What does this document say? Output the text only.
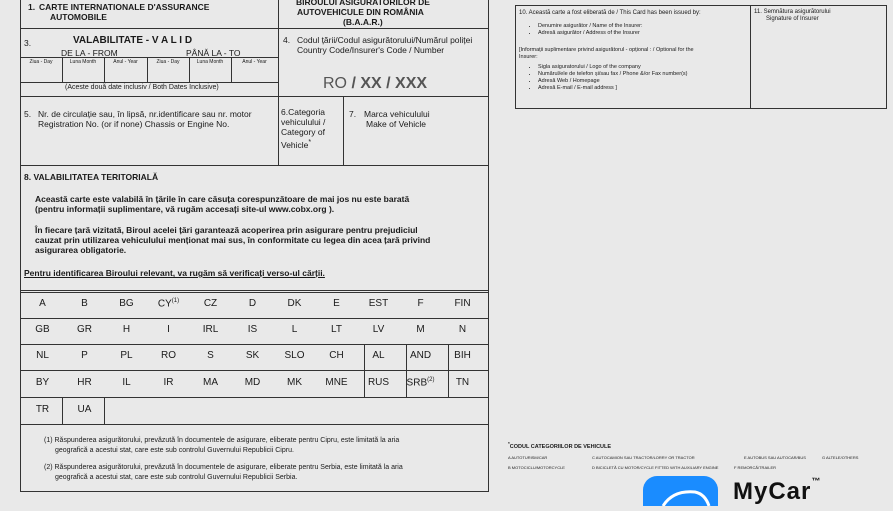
1. CARTE INTERNATIONALE D'ASSURANCE
AUTOMOBILE
BIROULUI ASIGURATORILOR DE
AUTOVEHICULE DIN ROMÂNIA
(B.A.A.R.)
3.	VALABILITATE - V A L I D
DE LA - FROM	PÂNĂ LA - TO
Ziua - Day	Luna Month	Anul - Year	Ziua - Day	Luna Month	Anul - Year
(Aceste două date inclusiv / Both Dates Inclusive)
4. Codul țării/Codul asigurătorului/Numărul poliței
Country Code/Insurer's Code / Number
RO / XX / XXX
5. Nr. de circulație sau, în lipsă, nr.identificare sau nr. motor
Registration No. (or if none) Chassis or Engine No.
6.Categoria
vehiculului /
Category of
Vehicle*
7. Marca vehiculului
Make of Vehicle
8. VALABILITATEA TERITORIALĂ
Această carte este valabilă în țările în care căsuța corespunzătoare de mai jos nu este barată
(pentru informații suplimentare, vă rugăm accesați site-ul www.cobx.org ).
În fiecare țară vizitată, Biroul acelei țări garantează acoperirea prin asigurare pentru prejudiciul
cauzat prin utilizarea vehiculului menționat mai sus, în conformitate cu legea din acea țară privind
asigurarea obligatorie.
Pentru identificarea Biroului relevant, va rugăm să verificați verso-ul cărții.
A	B	BG	CY$^{(1)}$	CZ	D	DK	E	EST	F	FIN
GB	GR	H	I	IRL	IS	L	LT	LV	M	N
NL	P	PL	RO	S	SK	SLO	CH	AL	AND	BIH
BY	HR	IL	IR	MA	MD	MK	MNE	RUS	SRB$^{(2)}$	TN
TR	UA
(1) Răspunderea asigurătorului, prevăzută în documentele de asigurare, eliberate pentru Cipru, este limitată la aria
geografică a acestui stat, care este sub controlul Guvernului Republicii Cipru.
(2) Răspunderea asigurătorului, prevăzută în documentele de asigurare, eliberate pentru Serbia, este limitată la aria
geografică a acestui stat, care este sub controlul Guvernului Republicii Serbia.
10. Această carte a fost eliberată de / This Card has been issued by:
• Denumire asigurător / Name of the Insurer:
• Adresă asigurător / Address of the Insurer
[Informații suplimentare privind asigurătorul - opțional : / Optional for the
Insurer:
• Sigla asiguratorului / Logo of the company
• Numărul/ele de telefon și/sau fax / Phone &/or Fax number(s)
• Adresă Web / Homepage
• Adresă E-mail / E-mail address ]
11. Semnătura asigurătorului
Signature of Insurer
*CODUL CATEGORIILOR DE VEHICULE
A AUTOTURISM/CAR	C AUTOCAMION SAU TRACTOR/LORRY OR TRACTOR	E AUTOBUS SAU AUTOCAR/BUS	G ALTELE/OTHERS
B MOTOCICLU/MOTORCYCLE	D BICICLETĂ CU MOTOR/CYCLE FITTED WITH AUXILIARY ENGINE	F REMORCĂ/TRAILER
MyCar™
